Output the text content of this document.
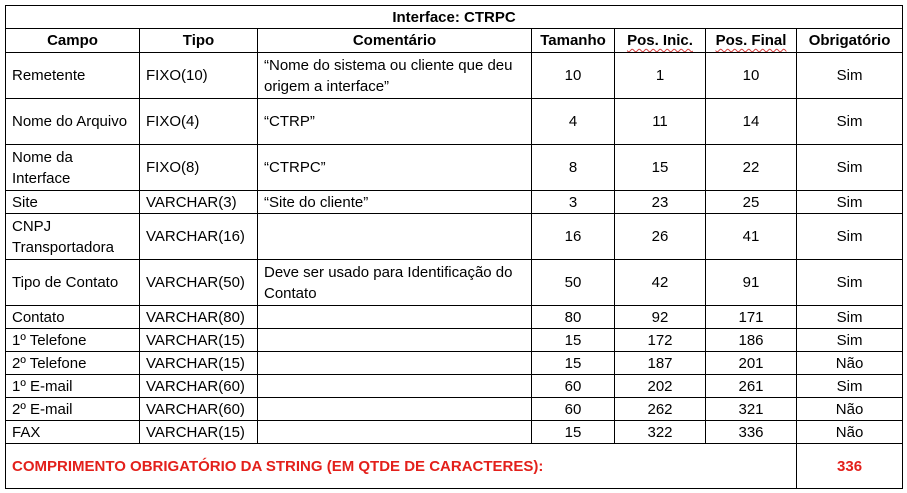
Interface: CTRPC						
Campo	Tipo	Comentário	Tamanho	Pos. Inic.	Pos. Final	Obrigatório
Remetente	FIXO(10)	“Nome do sistema ou cliente que deu origem a interface”	10	1	10	Sim
Nome do Arquivo	FIXO(4)	“CTRP”	4	11	14	Sim
Nome da Interface	FIXO(8)	“CTRPC”	8	15	22	Sim
Site	VARCHAR(3)	“Site do cliente”	3	23	25	Sim
CNPJ Transportadora	VARCHAR(16)		16	26	41	Sim
Tipo de Contato	VARCHAR(50)	Deve ser usado para Identificação do Contato	50	42	91	Sim
Contato	VARCHAR(80)		80	92	171	Sim
1º Telefone	VARCHAR(15)		15	172	186	Sim
2º Telefone	VARCHAR(15)		15	187	201	Não
1º E-mail	VARCHAR(60)		60	202	261	Sim
2º E-mail	VARCHAR(60)		60	262	321	Não
FAX	VARCHAR(15)		15	322	336	Não
COMPRIMENTO OBRIGATÓRIO DA STRING (EM QTDE DE CARACTERES):						336
